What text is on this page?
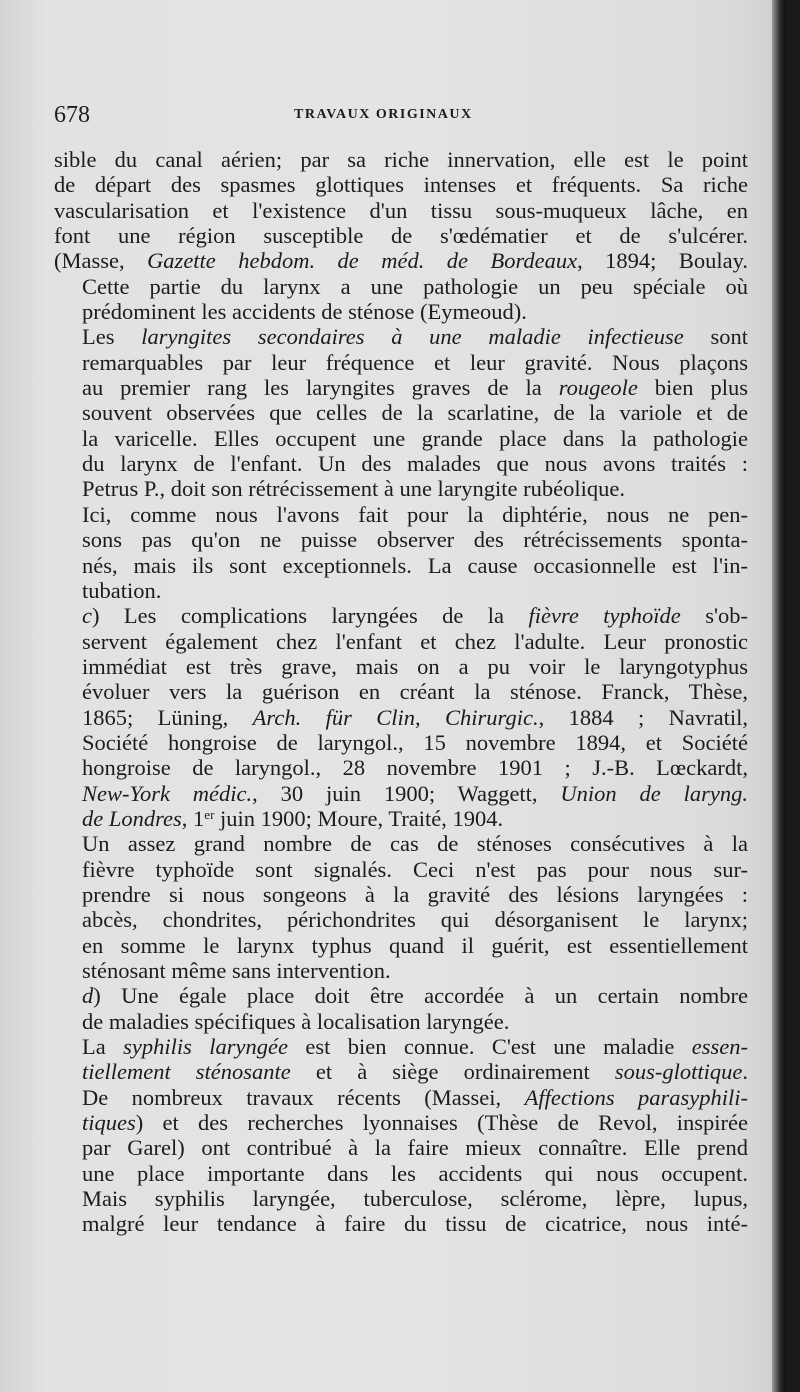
678	TRAVAUX ORIGINAUX

sible du canal aérien; par sa riche innervation, elle est le point
de départ des spasmes glottiques intenses et fréquents. Sa riche
vascularisation et l'existence d'un tissu sous-muqueux lâche, en
font une région susceptible de s'œdématier et de s'ulcérer.
(Masse, Gazette hebdom. de méd. de Bordeaux, 1894; Boulay.

Cette partie du larynx a une pathologie un peu spéciale où
prédominent les accidents de sténose (Eymeoud).

Les laryngites secondaires à une maladie infectieuse sont
remarquables par leur fréquence et leur gravité. Nous plaçons
au premier rang les laryngites graves de la rougeole bien plus
souvent observées que celles de la scarlatine, de la variole et de
la varicelle. Elles occupent une grande place dans la pathologie
du larynx de l'enfant. Un des malades que nous avons traités :
Petrus P., doit son rétrécissement à une laryngite rubéolique.

Ici, comme nous l'avons fait pour la diphtérie, nous ne pen-
sons pas qu'on ne puisse observer des rétrécissements sponta-
nés, mais ils sont exceptionnels. La cause occasionnelle est l'in-
tubation.

c) Les complications laryngées de la fièvre typhoïde s'ob-
servent également chez l'enfant et chez l'adulte. Leur pronostic
immédiat est très grave, mais on a pu voir le laryngotyphus
évoluer vers la guérison en créant la sténose. Franck, Thèse,
1865; Lüning, Arch. für Clin, Chirurgic., 1884 ; Navratil,
Société hongroise de laryngol., 15 novembre 1894, et Société
hongroise de laryngol., 28 novembre 1901 ; J.-B. Lœckardt,
New-York médic., 30 juin 1900; Waggett, Union de laryng.
de Londres, 1er juin 1900; Moure, Traité, 1904.

Un assez grand nombre de cas de sténoses consécutives à la
fièvre typhoïde sont signalés. Ceci n'est pas pour nous sur-
prendre si nous songeons à la gravité des lésions laryngées :
abcès, chondrites, périchondrites qui désorganisent le larynx;
en somme le larynx typhus quand il guérit, est essentiellement
sténosant même sans intervention.

d) Une égale place doit être accordée à un certain nombre
de maladies spécifiques à localisation laryngée.

La syphilis laryngée est bien connue. C'est une maladie essen-
tiellement sténosante et à siège ordinairement sous-glottique.
De nombreux travaux récents (Massei, Affections parasyphili-
tiques) et des recherches lyonnaises (Thèse de Revol, inspirée
par Garel) ont contribué à la faire mieux connaître. Elle prend
une place importante dans les accidents qui nous occupent.
Mais syphilis laryngée, tuberculose, sclérome, lèpre, lupus,
malgré leur tendance à faire du tissu de cicatrice, nous inté-
